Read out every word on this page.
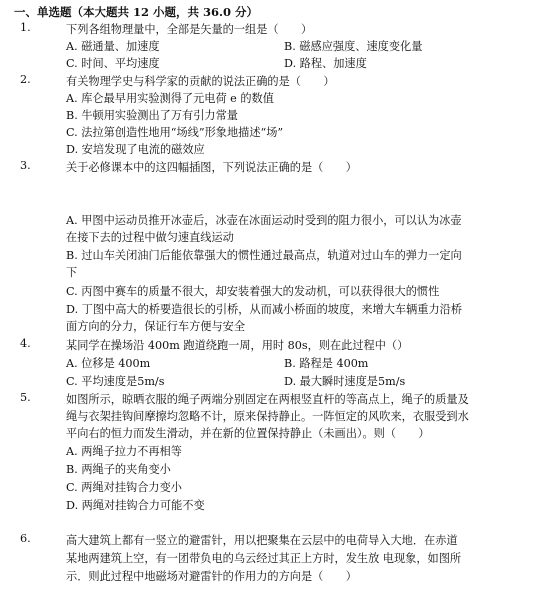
一、单选题（本大题共 12 小题，共 36.0 分）
1.	下列各组物理量中，全部是矢量的一组是（　　）
A. 磁通量、加速度	B. 磁感应强度、速度变化量
C. 时间、平均速度	D. 路程、加速度
2.	有关物理学史与科学家的贡献的说法正确的是（　　）
A. 库仑最早用实验测得了元电荷 e 的数值
B. 牛顿用实验测出了万有引力常量
C. 法拉第创造性地用“场线”形象地描述“场”
D. 安培发现了电流的磁效应
3.	关于必修课本中的这四幅插图，下列说法正确的是（　　）
A. 甲图中运动员推开冰壶后，冰壶在冰面运动时受到的阻力很小，可以认为冰壶
在接下去的过程中做匀速直线运动
B. 过山车关闭油门后能依靠强大的惯性通过最高点，轨道对过山车的弹力一定向
下
C. 丙图中赛车的质量不很大，却安装着强大的发动机，可以获得很大的惯性
D. 丁图中高大的桥要造很长的引桥，从而减小桥面的坡度，来增大车辆重力沿桥
面方向的分力，保证行车方便与安全
4.	某同学在操场沿 400m 跑道绕跑一周，用时 80s，则在此过程中（）
A. 位移是 400m	B. 路程是 400m
C. 平均速度是5m/s	D. 最大瞬时速度是5m/s
5.	如图所示，晾晒衣服的绳子两端分别固定在两根竖直杆的等高点上，绳子的质量及
绳与衣架挂钩间摩擦均忽略不计，原来保持静止。一阵恒定的风吹来，衣服受到水
平向右的恒力而发生滑动，并在新的位置保持静止（未画出）。则（　　）
A. 两绳子拉力不再相等
B. 两绳子的夹角变小
C. 两绳对挂钩合力变小
D. 两绳对挂钩合力可能不变
6.	高大建筑上都有一竖立的避雷针，用以把聚集在云层中的电荷导入大地．在赤道
某地两建筑上空，有一团带负电的乌云经过其正上方时，发生放 电现象，如图所
示．则此过程中地磁场对避雷针的作用力的方向是（　　）
